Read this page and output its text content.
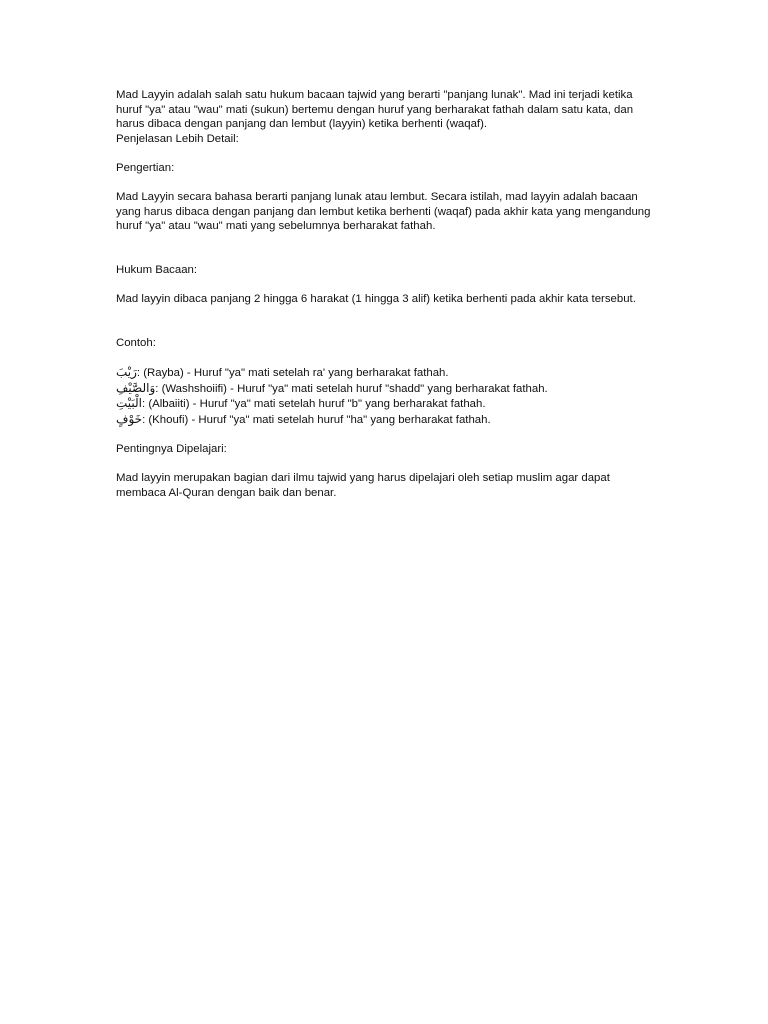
Mad Layyin adalah salah satu hukum bacaan tajwid yang berarti "panjang lunak". Mad ini terjadi ketika huruf "ya" atau "wau" mati (sukun) bertemu dengan huruf yang berharakat fathah dalam satu kata, dan harus dibaca dengan panjang dan lembut (layyin) ketika berhenti (waqaf).

Penjelasan Lebih Detail:

Pengertian:

Mad Layyin secara bahasa berarti panjang lunak atau lembut. Secara istilah, mad layyin adalah bacaan yang harus dibaca dengan panjang dan lembut ketika berhenti (waqaf) pada akhir kata yang mengandung huruf "ya" atau "wau" mati yang sebelumnya berharakat fathah.

Hukum Bacaan:

Mad layyin dibaca panjang 2 hingga 6 harakat (1 hingga 3 alif) ketika berhenti pada akhir kata tersebut.

Contoh:

رَيْبَ: (Rayba) - Huruf "ya" mati setelah ra' yang berharakat fathah.
وَالصَّيْفِ: (Washshoiifi) - Huruf "ya" mati setelah huruf "shadd" yang berharakat fathah.
الْبَيْتِ: (Albaiiti) - Huruf "ya" mati setelah huruf "b" yang berharakat fathah.
خَوْفٍ: (Khoufi) - Huruf "ya" mati setelah huruf "ha" yang berharakat fathah.

Pentingnya Dipelajari:

Mad layyin merupakan bagian dari ilmu tajwid yang harus dipelajari oleh setiap muslim agar dapat membaca Al-Quran dengan baik dan benar.
